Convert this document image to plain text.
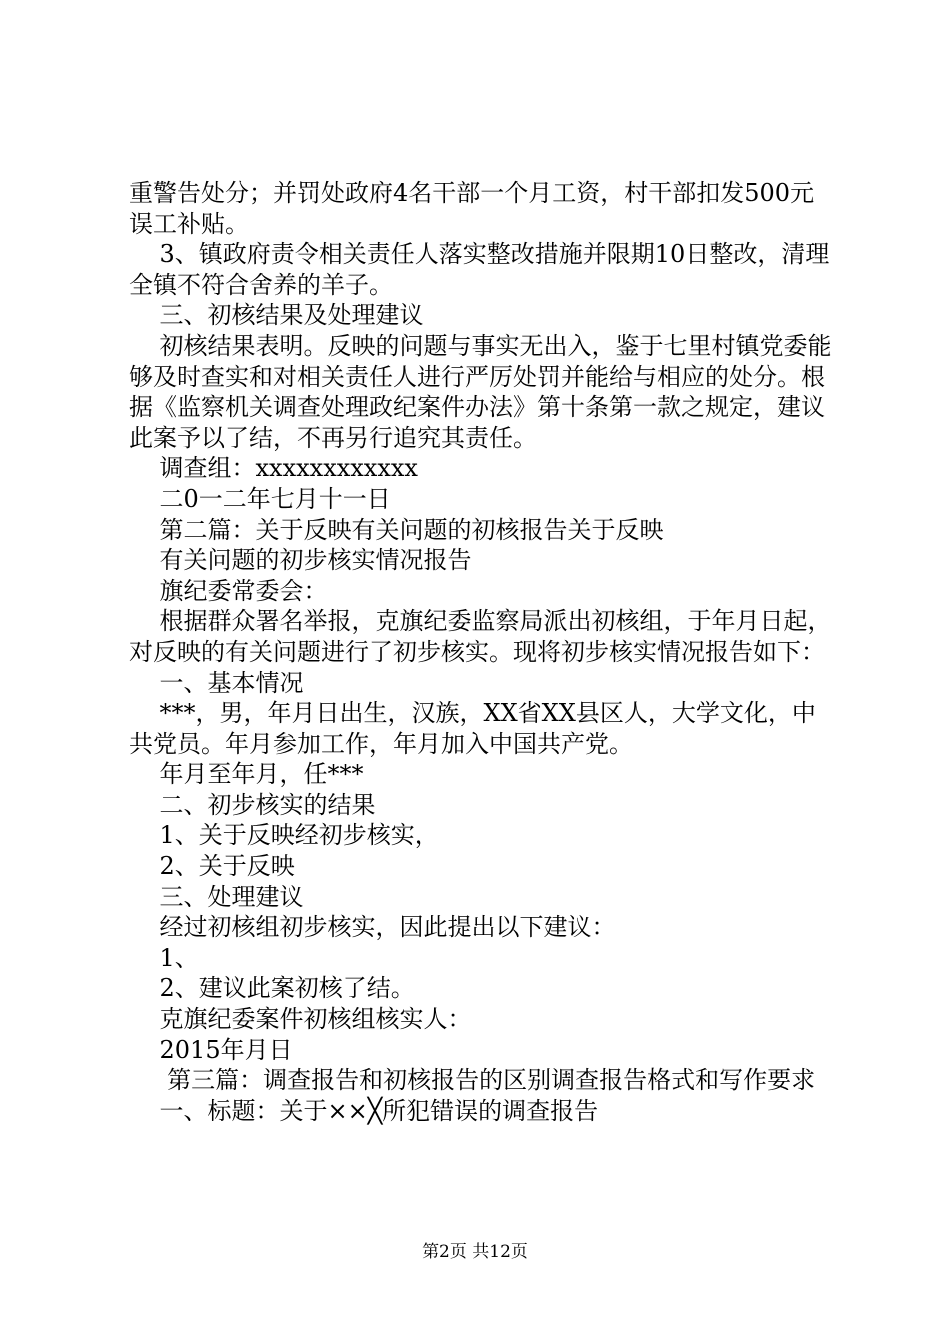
重警告处分；并罚处政府4名干部一个月工资，村干部扣发500元误工补贴。

3、镇政府责令相关责任人落实整改措施并限期10日整改，清理全镇不符合舍养的羊子。

三、初核结果及处理建议

初核结果表明。反映的问题与事实无出入，鉴于七里村镇党委能够及时查实和对相关责任人进行严厉处罚并能给与相应的处分。根据《监察机关调查处理政纪案件办法》第十条第一款之规定，建议此案予以了结，不再另行追究其责任。

调查组：xxxxxxxxxxxx

二0一二年七月十一日

第二篇：关于反映有关问题的初核报告关于反映

有关问题的初步核实情况报告

旗纪委常委会：

根据群众署名举报，克旗纪委监察局派出初核组，于年月日起，对反映的有关问题进行了初步核实。现将初步核实情况报告如下：

一、基本情况

***，男，年月日出生，汉族，XX省XX县区人，大学文化，中共党员。年月参加工作，年月加入中国共产党。

年月至年月，任***

二、初步核实的结果

1、关于反映经初步核实，

2、关于反映

三、处理建议

经过初核组初步核实，因此提出以下建议：

1、

2、建议此案初核了结。

克旗纪委案件初核组核实人：

2015年月日

第三篇：调查报告和初核报告的区别调查报告格式和写作要求

一、标题：关于××╳所犯错误的调查报告

第2页 共12页
